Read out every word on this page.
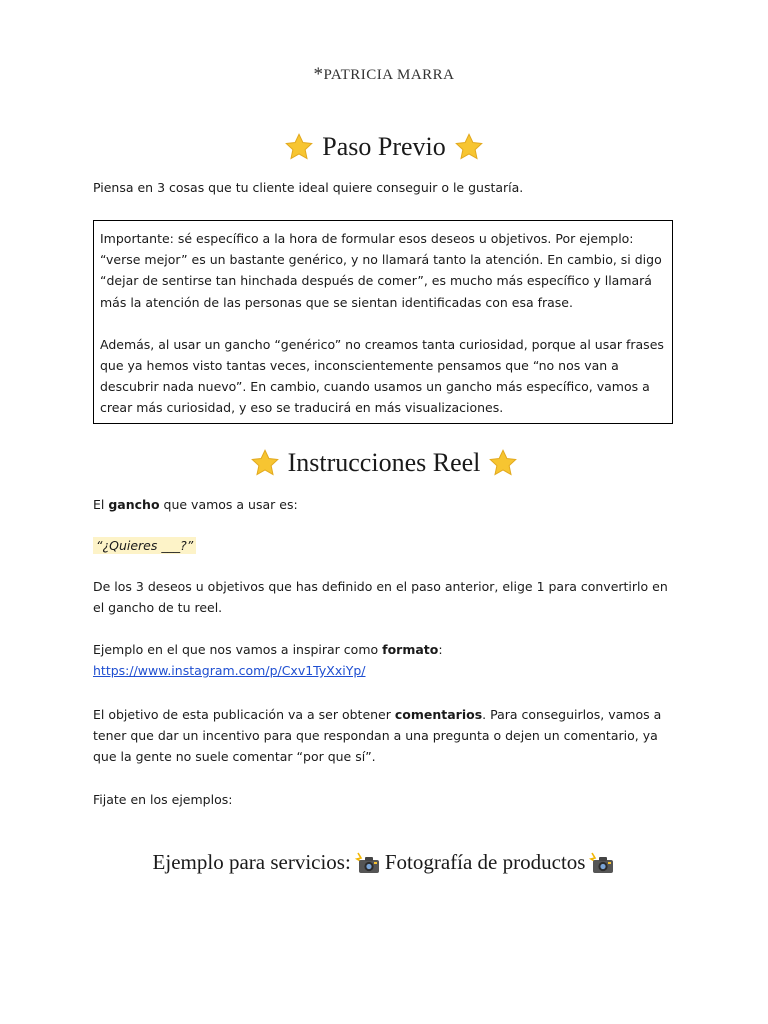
*PATRICIA MARRA
Paso Previo

Piensa en 3 cosas que tu cliente ideal quiere conseguir o le gustaría.

Importante: sé específico a la hora de formular esos deseos u objetivos. Por ejemplo: “verse mejor” es un bastante genérico, y no llamará tanto la atención. En cambio, si digo “dejar de sentirse tan hinchada después de comer”, es mucho más específico y llamará más la atención de las personas que se sientan identificadas con esa frase.

Además, al usar un gancho “genérico” no creamos tanta curiosidad, porque al usar frases que ya hemos visto tantas veces, inconscientemente pensamos que “no nos van a descubrir nada nuevo”. En cambio, cuando usamos un gancho más específico, vamos a crear más curiosidad, y eso se traducirá en más visualizaciones.

Instrucciones Reel

El gancho que vamos a usar es:

“¿Quieres ___?”

De los 3 deseos u objetivos que has definido en el paso anterior, elige 1 para convertirlo en el gancho de tu reel.

Ejemplo en el que nos vamos a inspirar como formato:
https://www.instagram.com/p/Cxv1TyXxiYp/

El objetivo de esta publicación va a ser obtener comentarios. Para conseguirlos, vamos a tener que dar un incentivo para que respondan a una pregunta o dejen un comentario, ya que la gente no suele comentar “por que sí”.

Fijate en los ejemplos:

Ejemplo para servicios: Fotografía de productos
